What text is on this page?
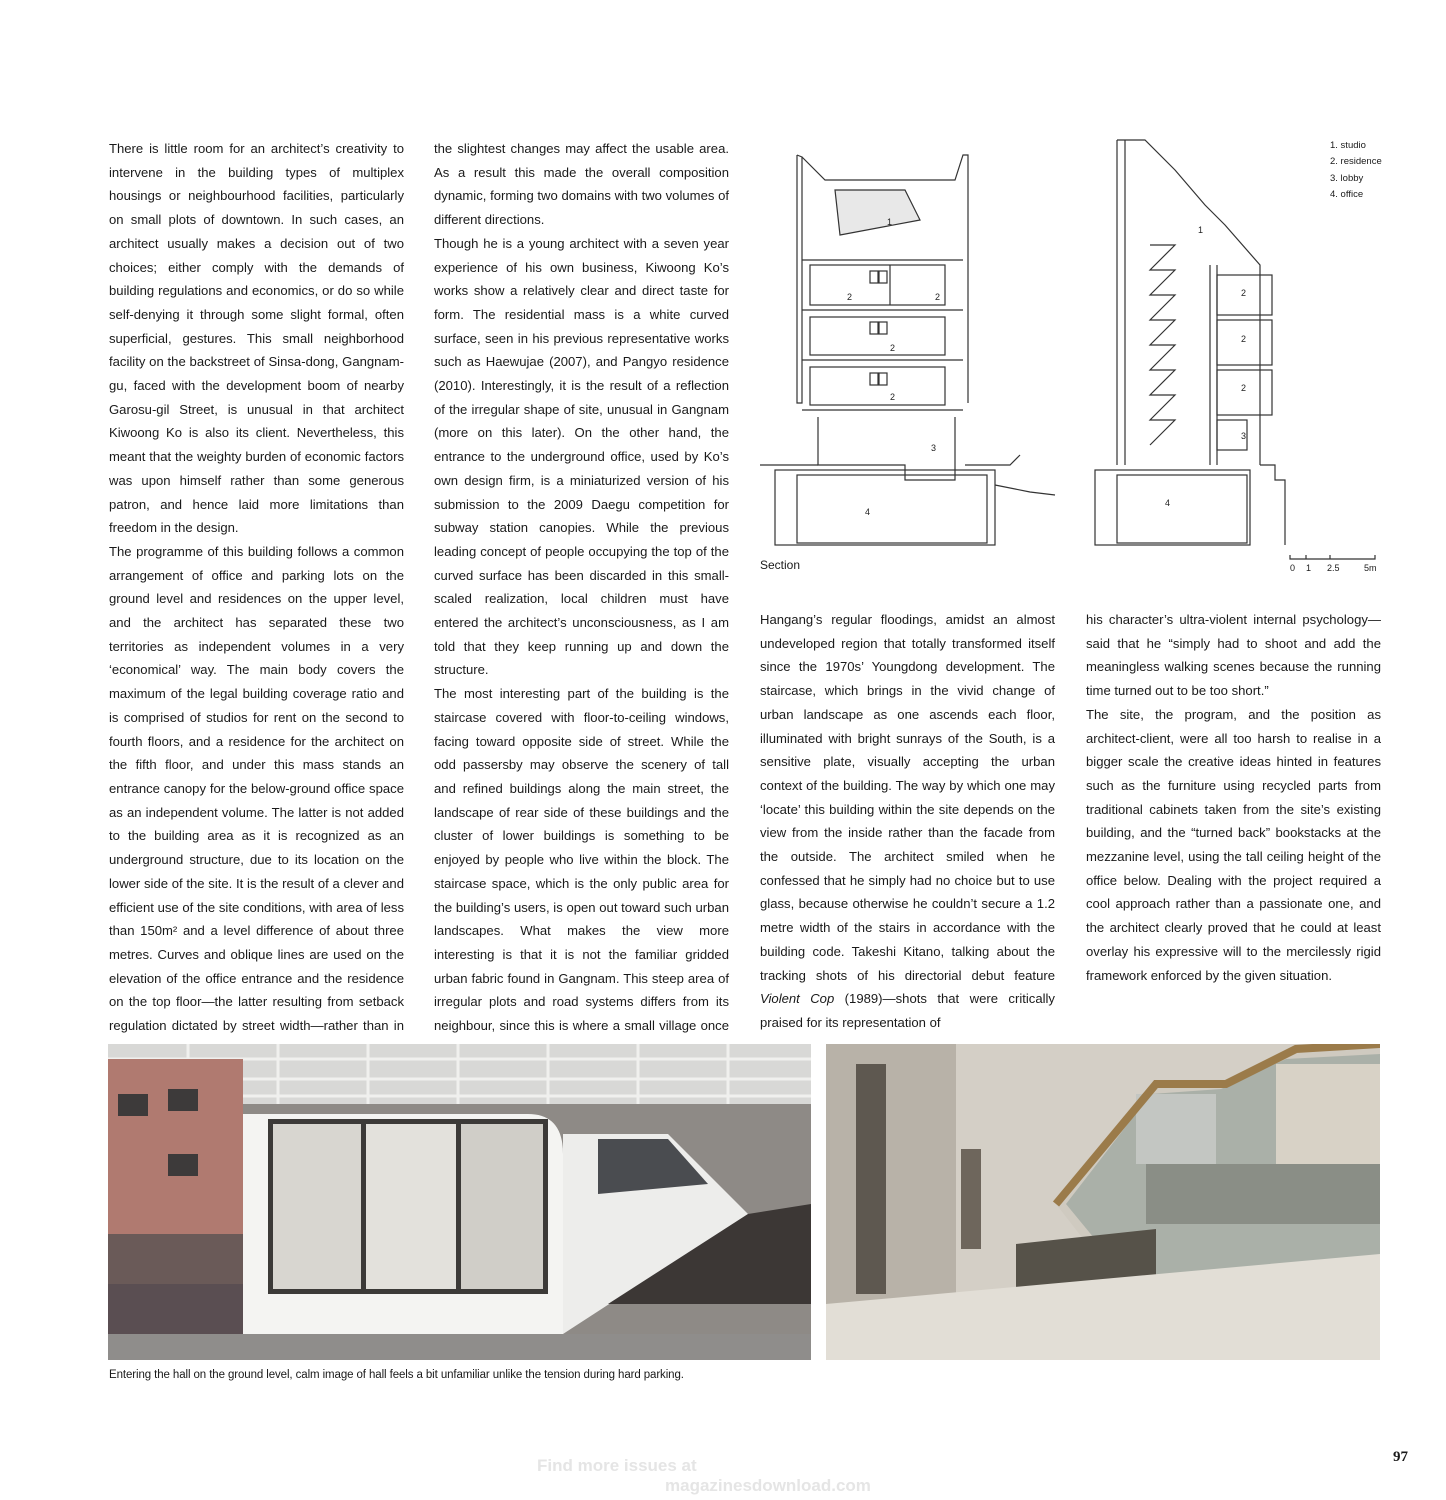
There is little room for an architect’s creativity to intervene in the building types of multiplex housings or neighbourhood facilities, particularly on small plots of downtown. In such cases, an architect usually makes a decision out of two choices; either comply with the demands of building regulations and economics, or do so while self-denying it through some slight formal, often superficial, gestures. This small neighborhood facility on the backstreet of Sinsa-dong, Gangnam-gu, faced with the development boom of nearby Garosu-gil Street, is unusual in that architect Kiwoong Ko is also its client. Nevertheless, this meant that the weighty burden of economic factors was upon himself rather than some generous patron, and hence laid more limitations than freedom in the design.

The programme of this building follows a common arrangement of office and parking lots on the ground level and residences on the upper level, and the architect has separated these two territories as independent volumes in a very ‘economical’ way. The main body covers the maximum of the legal building coverage ratio and is comprised of studios for rent on the second to fourth floors, and a residence for the architect on the fifth floor, and under this mass stands an entrance canopy for the below-ground office space as an independent volume. The latter is not added to the building area as it is recognized as an underground structure, due to its location on the lower side of the site. It is the result of a clever and efficient use of the site conditions, with area of less than 150m² and a level difference of about three metres. Curves and oblique lines are used on the elevation of the office entrance and the residence on the top floor—the latter resulting from setback regulation dictated by street width—rather than in

the slightest changes may affect the usable area. As a result this made the overall composition dynamic, forming two domains with two volumes of different directions.

Though he is a young architect with a seven year experience of his own business, Kiwoong Ko’s works show a relatively clear and direct taste for form. The residential mass is a white curved surface, seen in his previous representative works such as Haewujae (2007), and Pangyo residence (2010). Interestingly, it is the result of a reflection of the irregular shape of site, unusual in Gangnam (more on this later). On the other hand, the entrance to the underground office, used by Ko’s own design firm, is a miniaturized version of his submission to the 2009 Daegu competition for subway station canopies. While the previous leading concept of people occupying the top of the curved surface has been discarded in this small-scaled realization, local children must have entered the architect’s unconsciousness, as I am told that they keep running up and down the structure.

The most interesting part of the building is the staircase covered with floor-to-ceiling windows, facing toward opposite side of street. While the odd passersby may observe the scenery of tall and refined buildings along the main street, the landscape of rear side of these buildings and the cluster of lower buildings is something to be enjoyed by people who live within the block. The staircase space, which is the only public area for the building’s users, is open out toward such urban landscapes. What makes the view more interesting is that it is not the familiar gridded urban fabric found in Gangnam. This steep area of irregular plots and road systems differs from its neighbour, since this is where a small village once

Hangang’s regular floodings, amidst an almost undeveloped region that totally transformed itself since the 1970s’ Youngdong development. The staircase, which brings in the vivid change of urban landscape as one ascends each floor, illuminated with bright sunrays of the South, is a sensitive plate, visually accepting the urban context of the building. The way by which one may ‘locate’ this building within the site depends on the view from the inside rather than the facade from the outside. The architect smiled when he confessed that he simply had no choice but to use glass, because otherwise he couldn’t secure a 1.2 metre width of the stairs in accordance with the building code. Takeshi Kitano, talking about the tracking shots of his directorial debut feature Violent Cop (1989)—shots that were critically praised for its representation of

his character’s ultra-violent internal psychology—said that he “simply had to shoot and add the meaningless walking scenes because the running time turned out to be too short.”

The site, the program, and the position as architect-client, were all too harsh to realise in a bigger scale the creative ideas hinted in features such as the furniture using recycled parts from traditional cabinets taken from the site’s existing building, and the “turned back” bookstacks at the mezzanine level, using the tall ceiling height of the office below. Dealing with the project required a cool approach rather than a passionate one, and the architect clearly proved that he could at least overlay his expressive will to the mercilessly rigid framework enforced by the given situation.

1
2	2
2
2
3
4
1
2
2
2
3
4
Section
1. studio
2. residence
3. lobby
4. office
0 1 2.5	5m
Entering the hall on the ground level, calm image of hall feels a bit unfamiliar unlike the tension during hard parking.
Find more issues at
magazinesdownload.com
97
